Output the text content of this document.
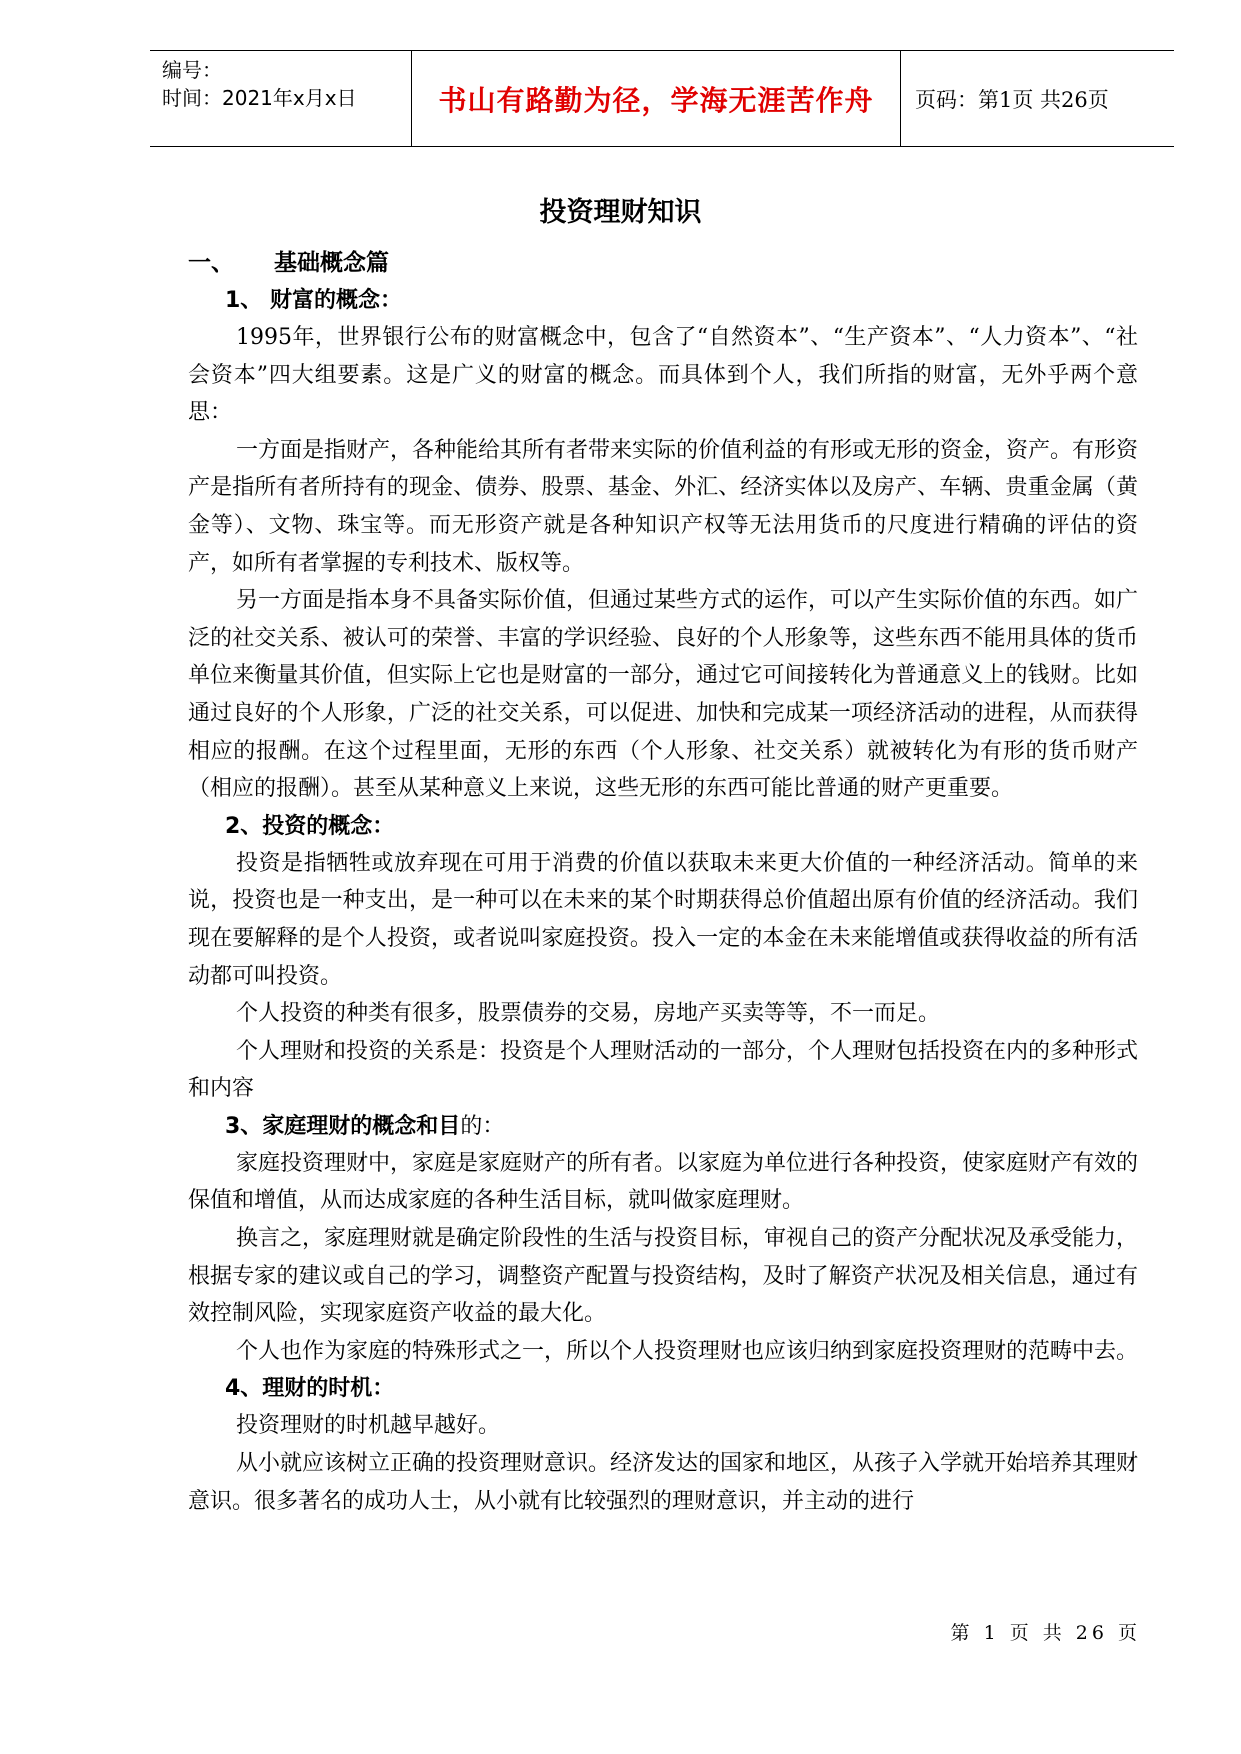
编号：
时间：2021年x月x日	书山有路勤为径，学海无涯苦作舟	页码：第1页 共26页
投资理财知识
一、	基础概念篇
1、 财富的概念：

1995年，世界银行公布的财富概念中，包含了“自然资本”、“生产资本”、“人力资本”、“社会资本”四大组要素。这是广义的财富的概念。而具体到个人，我们所指的财富，无外乎两个意思：

一方面是指财产，各种能给其所有者带来实际的价值利益的有形或无形的资金，资产。有形资产是指所有者所持有的现金、债券、股票、基金、外汇、经济实体以及房产、车辆、贵重金属（黄金等）、文物、珠宝等。而无形资产就是各种知识产权等无法用货币的尺度进行精确的评估的资产，如所有者掌握的专利技术、版权等。

另一方面是指本身不具备实际价值，但通过某些方式的运作，可以产生实际价值的东西。如广泛的社交关系、被认可的荣誉、丰富的学识经验、良好的个人形象等，这些东西不能用具体的货币单位来衡量其价值，但实际上它也是财富的一部分，通过它可间接转化为普通意义上的钱财。比如通过良好的个人形象，广泛的社交关系，可以促进、加快和完成某一项经济活动的进程，从而获得相应的报酬。在这个过程里面，无形的东西（个人形象、社交关系）就被转化为有形的货币财产（相应的报酬）。甚至从某种意义上来说，这些无形的东西可能比普通的财产更重要。

2、投资的概念：

投资是指牺牲或放弃现在可用于消费的价值以获取未来更大价值的一种经济活动。简单的来说，投资也是一种支出，是一种可以在未来的某个时期获得总价值超出原有价值的经济活动。我们现在要解释的是个人投资，或者说叫家庭投资。投入一定的本金在未来能增值或获得收益的所有活动都可叫投资。

个人投资的种类有很多，股票债券的交易，房地产买卖等等，不一而足。

个人理财和投资的关系是：投资是个人理财活动的一部分，个人理财包括投资在内的多种形式和内容

3、家庭理财的概念和目的：

家庭投资理财中，家庭是家庭财产的所有者。以家庭为单位进行各种投资，使家庭财产有效的保值和增值，从而达成家庭的各种生活目标，就叫做家庭理财。

换言之，家庭理财就是确定阶段性的生活与投资目标，审视自己的资产分配状况及承受能力，根据专家的建议或自己的学习，调整资产配置与投资结构，及时了解资产状况及相关信息，通过有效控制风险，实现家庭资产收益的最大化。

个人也作为家庭的特殊形式之一，所以个人投资理财也应该归纳到家庭投资理财的范畴中去。

4、理财的时机：

投资理财的时机越早越好。

从小就应该树立正确的投资理财意识。经济发达的国家和地区，从孩子入学就开始培养其理财意识。很多著名的成功人士，从小就有比较强烈的理财意识，并主动的进行

第 1 页 共 26 页
